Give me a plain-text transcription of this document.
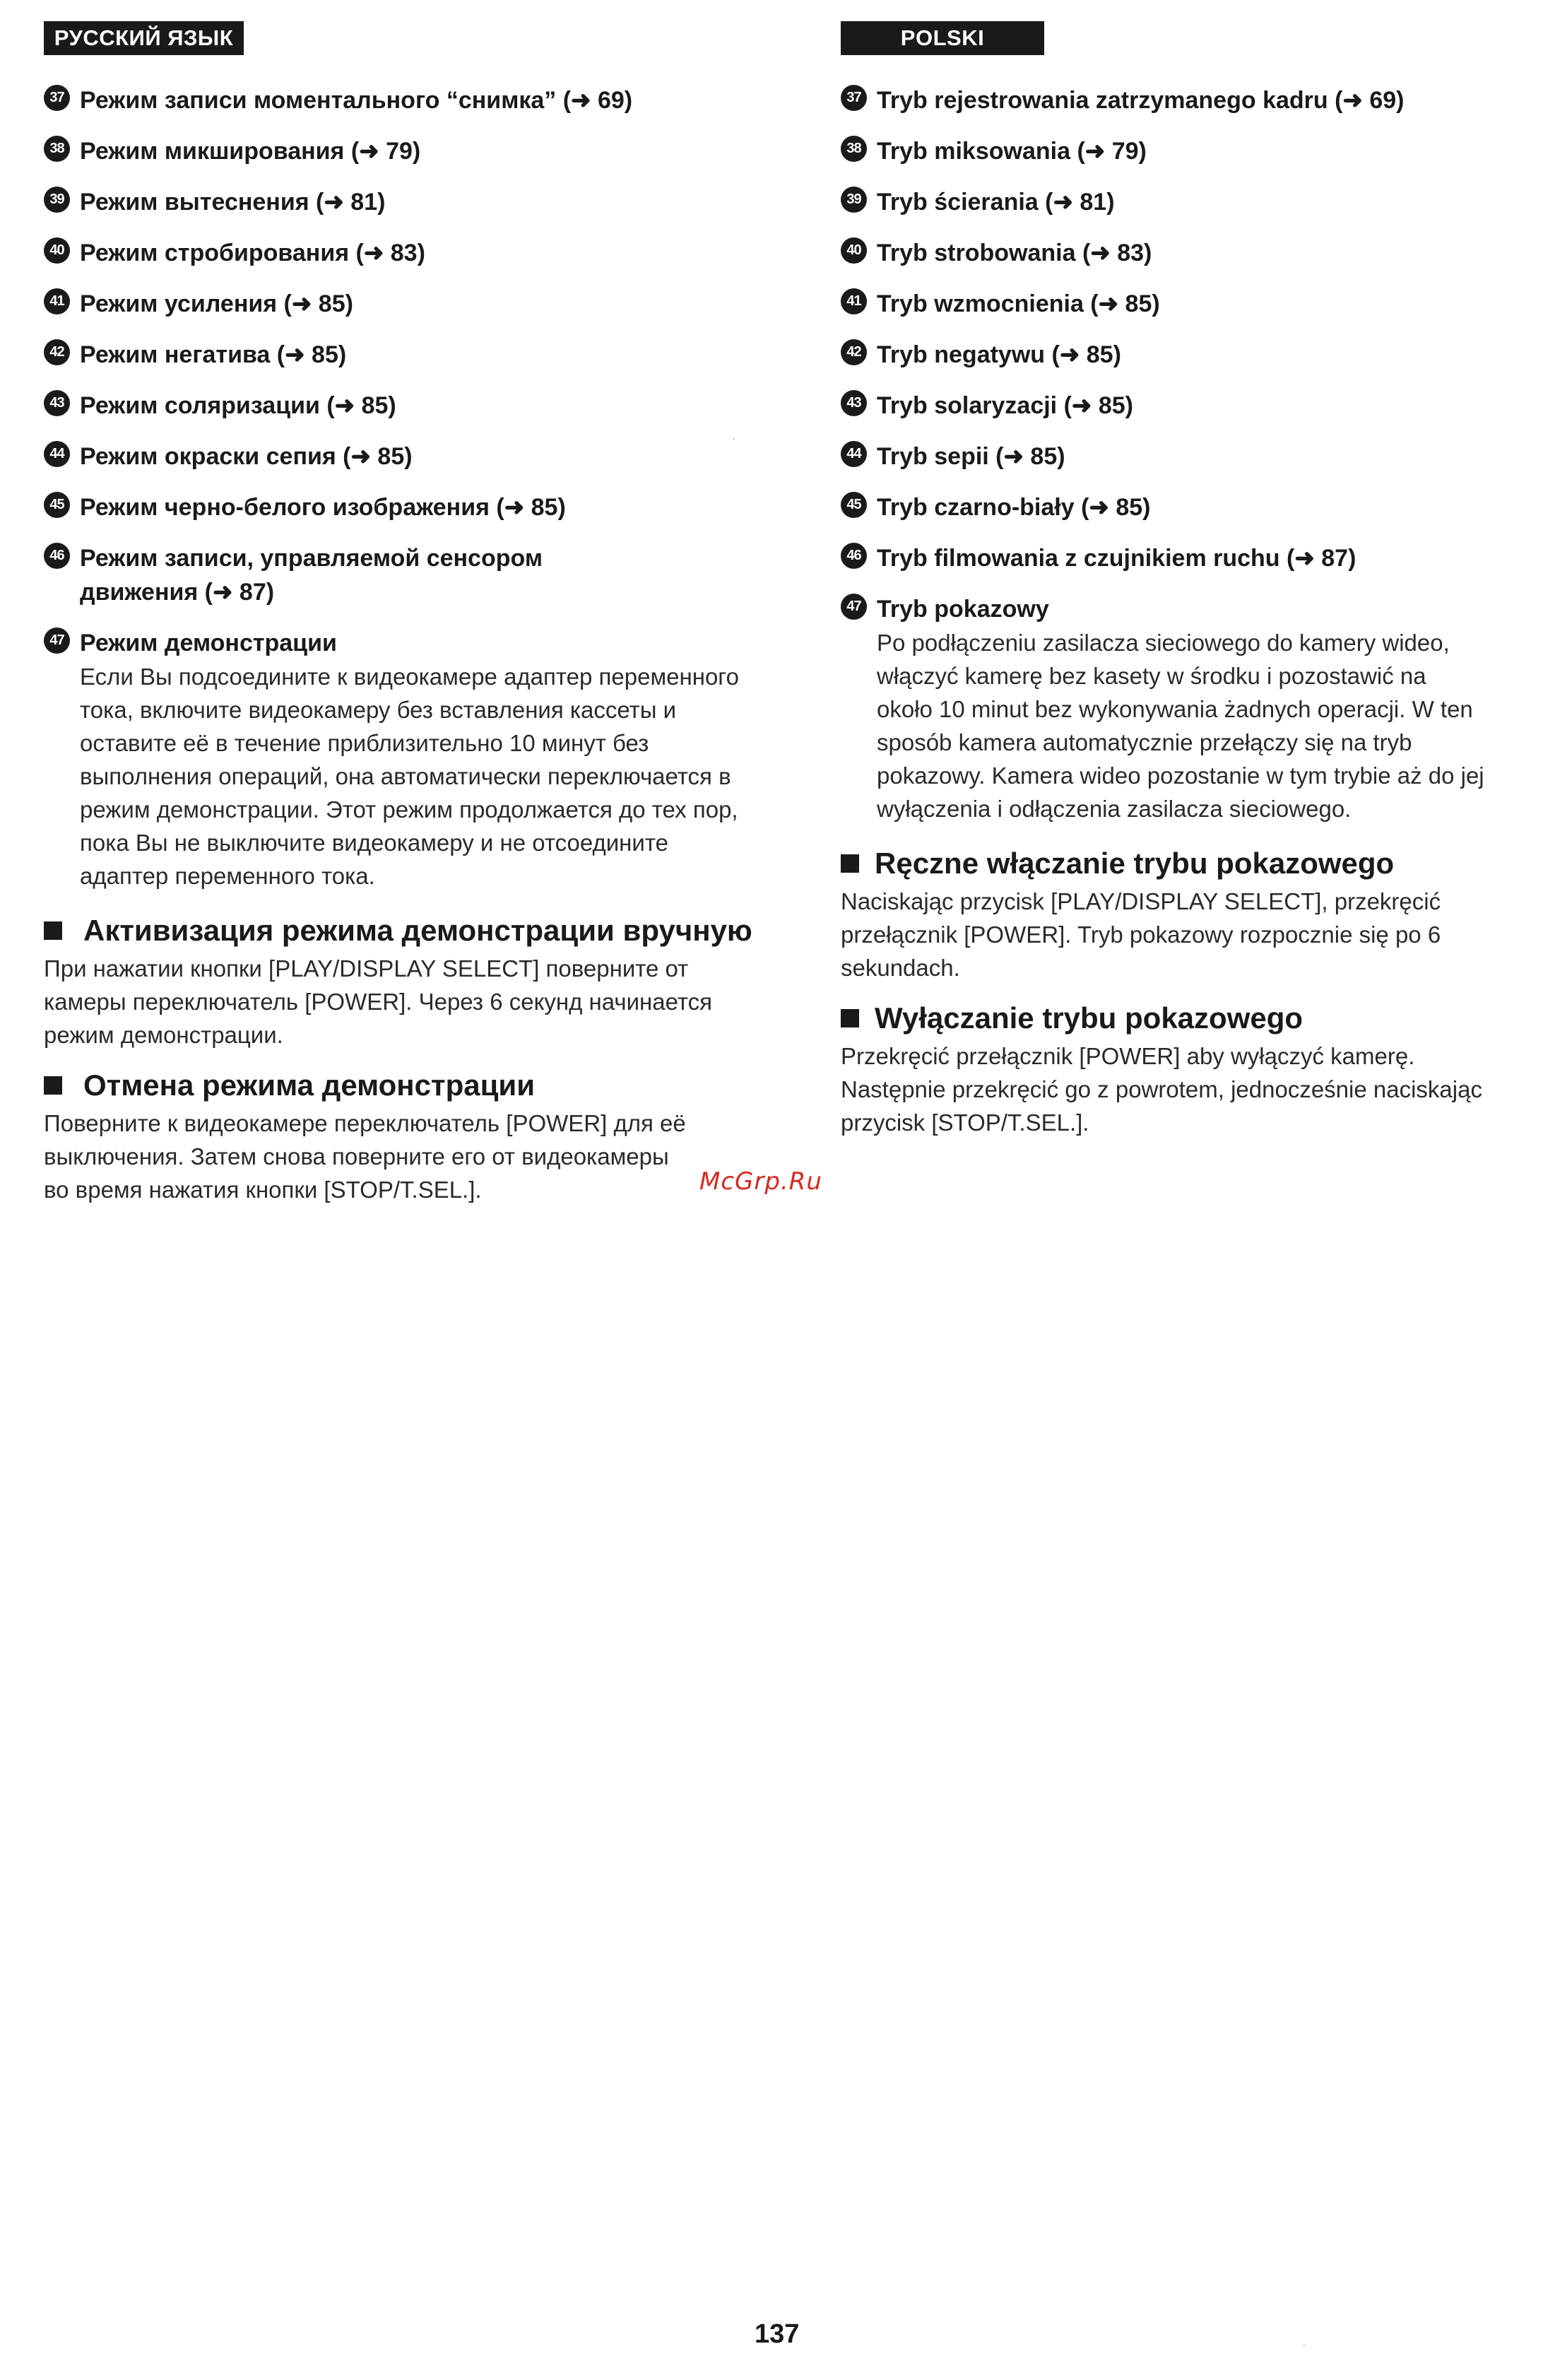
РУССКИЙ ЯЗЫК
37 Режим записи моментального “снимка” (➜ 69)
38 Режим микширования (➜ 79)
39 Режим вытеснения (➜ 81)
40 Режим стробирования (➜ 83)
41 Режим усиления (➜ 85)
42 Режим негатива (➜ 85)
43 Режим соляризации (➜ 85)
44 Режим окраски сепия (➜ 85)
45 Режим черно-белого изображения (➜ 85)
46 Режим записи, управляемой сенсором движения (➜ 87)
47 Режим демонстрации
Если Вы подсоедините к видеокамере адаптер переменного тока, включите видеокамеру без вставления кассеты и оставите её в течение приблизительно 10 минут без выполнения операций, она автоматически переключается в режим демонстрации. Этот режим продолжается до тех пор, пока Вы не выключите видеокамеру и не отсоедините адаптер переменного тока.
Активизация режима демонстрации вручную

При нажатии кнопки [PLAY/DISPLAY SELECT] поверните от камеры переключатель [POWER]. Через 6 секунд начинается режим демонстрации.

Отмена режима демонстрации

Поверните к видеокамере переключатель [POWER] для её выключения. Затем снова поверните его от видеокамеры во время нажатия кнопки [STOP/T.SEL.].

POLSKI
37 Tryb rejestrowania zatrzymanego kadru (➜ 69)
38 Tryb miksowania (➜ 79)
39 Tryb ścierania (➜ 81)
40 Tryb strobowania (➜ 83)
41 Tryb wzmocnienia (➜ 85)
42 Tryb negatywu (➜ 85)
43 Tryb solaryzacji (➜ 85)
44 Tryb sepii (➜ 85)
45 Tryb czarno-biały (➜ 85)
46 Tryb filmowania z czujnikiem ruchu (➜ 87)
47 Tryb pokazowy
Po podłączeniu zasilacza sieciowego do kamery wideo, włączyć kamerę bez kasety w środku i pozostawić na około 10 minut bez wykonywania żadnych operacji. W ten sposób kamera automatycznie przełączy się na tryb pokazowy. Kamera wideo pozostanie w tym trybie aż do jej wyłączenia i odłączenia zasilacza sieciowego.
Ręczne włączanie trybu pokazowego

Naciskając przycisk [PLAY/DISPLAY SELECT], przekręcić przełącznik [POWER]. Tryb pokazowy rozpocznie się po 6 sekundach.

Wyłączanie trybu pokazowego

Przekręcić przełącznik [POWER] aby wyłączyć kamerę. Następnie przekręcić go z powrotem, jednocześnie naciskając przycisk [STOP/T.SEL.].

McGrp.Ru
137
